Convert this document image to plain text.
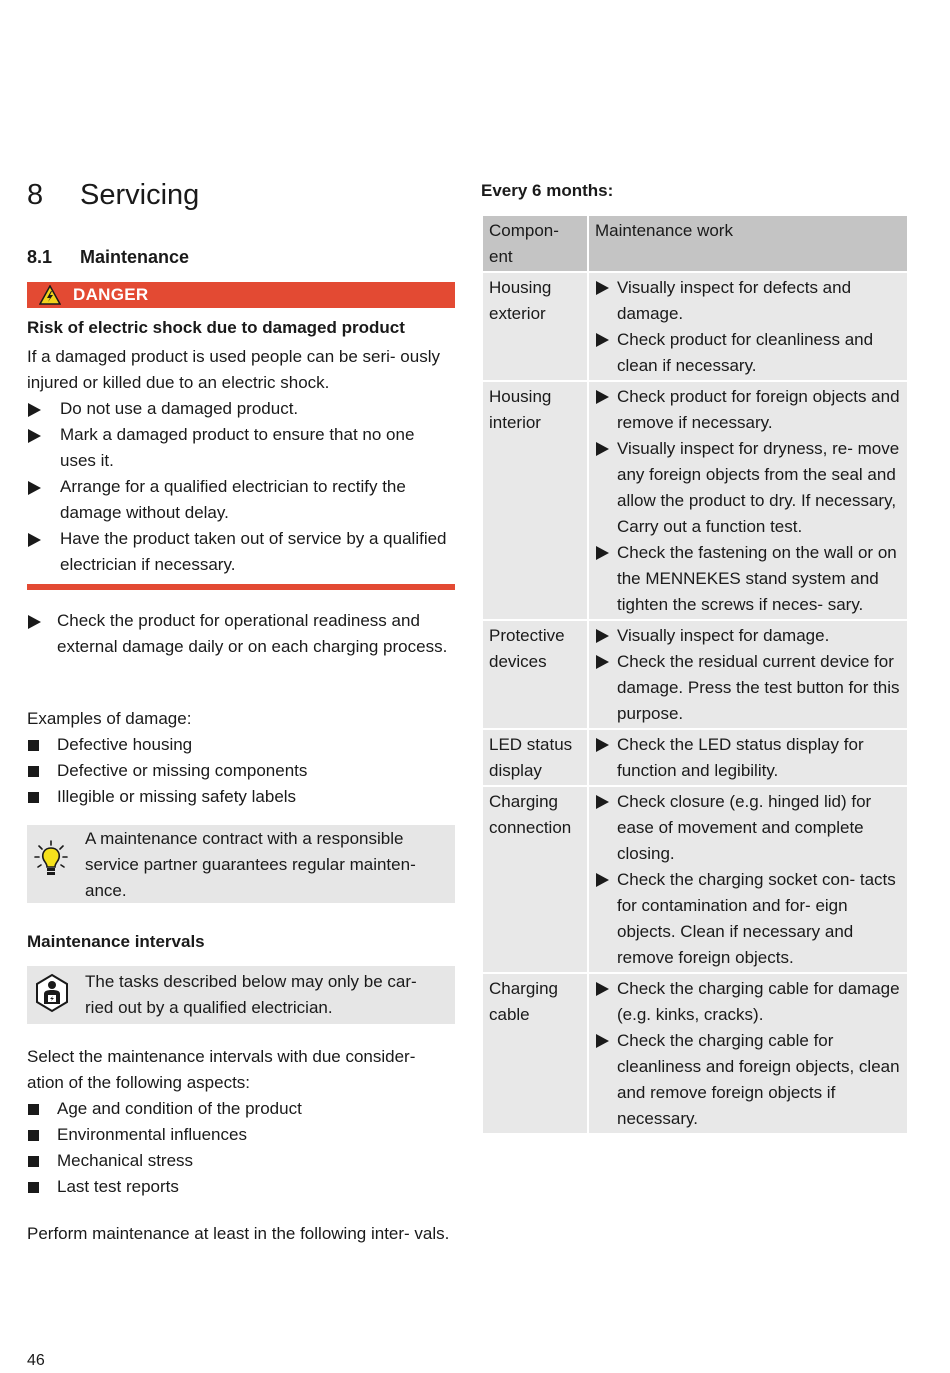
8	Servicing
8.1	Maintenance
DANGER

Risk of electric shock due to damaged product

If a damaged product is used people can be seri- ously injured or killed due to an electric shock.

Do not use a damaged product.
Mark a damaged product to ensure that no one uses it.
Arrange for a qualified electrician to rectify the damage without delay.
Have the product taken out of service by a qualified electrician if necessary.
Check the product for operational readiness and external damage daily or on each charging process.

Examples of damage:

Defective housing
Defective or missing components
Illegible or missing safety labels

A maintenance contract with a responsible service partner guarantees regular mainten- ance.

Maintenance intervals

The tasks described below may only be car- ried out by a qualified electrician.

Select the maintenance intervals with due consider- ation of the following aspects:

Age and condition of the product
Environmental influences
Mechanical stress
Last test reports

Perform maintenance at least in the following inter- vals.

Every 6 months:
Compon- ent	Maintenance work
Housing exterior	Visually inspect for defects and damage.
Check product for cleanliness and clean if necessary.

Housing interior	Check product for foreign objects and remove if necessary.
Visually inspect for dryness, re- move any foreign objects from the seal and allow the product to dry. If necessary, Carry out a function test.
Check the fastening on the wall or on the MENNEKES stand system and tighten the screws if neces- sary.

Protective devices	Visually inspect for damage.
Check the residual current device for damage. Press the test button for this purpose.

LED status display	Check the LED status display for function and legibility.

Charging connection	Check closure (e.g. hinged lid) for ease of movement and complete closing.
Check the charging socket con- tacts for contamination and for- eign objects. Clean if necessary and remove foreign objects.

Charging cable	Check the charging cable for damage (e.g. kinks, cracks).
Check the charging cable for cleanliness and foreign objects, clean and remove foreign objects if necessary.
46
